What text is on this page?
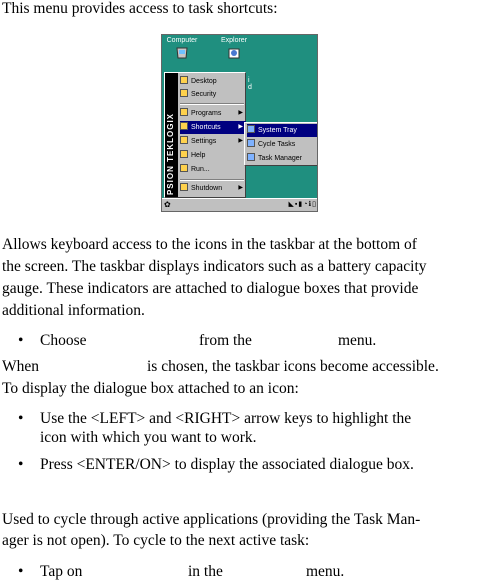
This menu provides access to task shortcuts:

Computer	Explorer
i
d
PSION TEKLOGIX
Desktop
Security
Programs	▶
Shortcuts	▶
Settings	▶
Help
Run...
Shutdown	▶
System Tray
Cycle Tasks
Task Manager
✿	◣▪▮◔ℹ▯

Allows keyboard access to the icons in the taskbar at the bottom of

the screen. The taskbar displays indicators such as a battery capacity

gauge. These indicators are attached to dialogue boxes that provide

additional information.

• Choose	from the	menu.
When	is chosen, the taskbar icons become accessible.

To display the dialogue box attached to an icon:

• Use the <LEFT> and <RIGHT> arrow keys to highlight the
icon with which you want to work.
• Press <ENTER/ON> to display the associated dialogue box.

Used to cycle through active applications (providing the Task Man-

ager is not open). To cycle to the next active task:

• Tap on	in the	menu.
